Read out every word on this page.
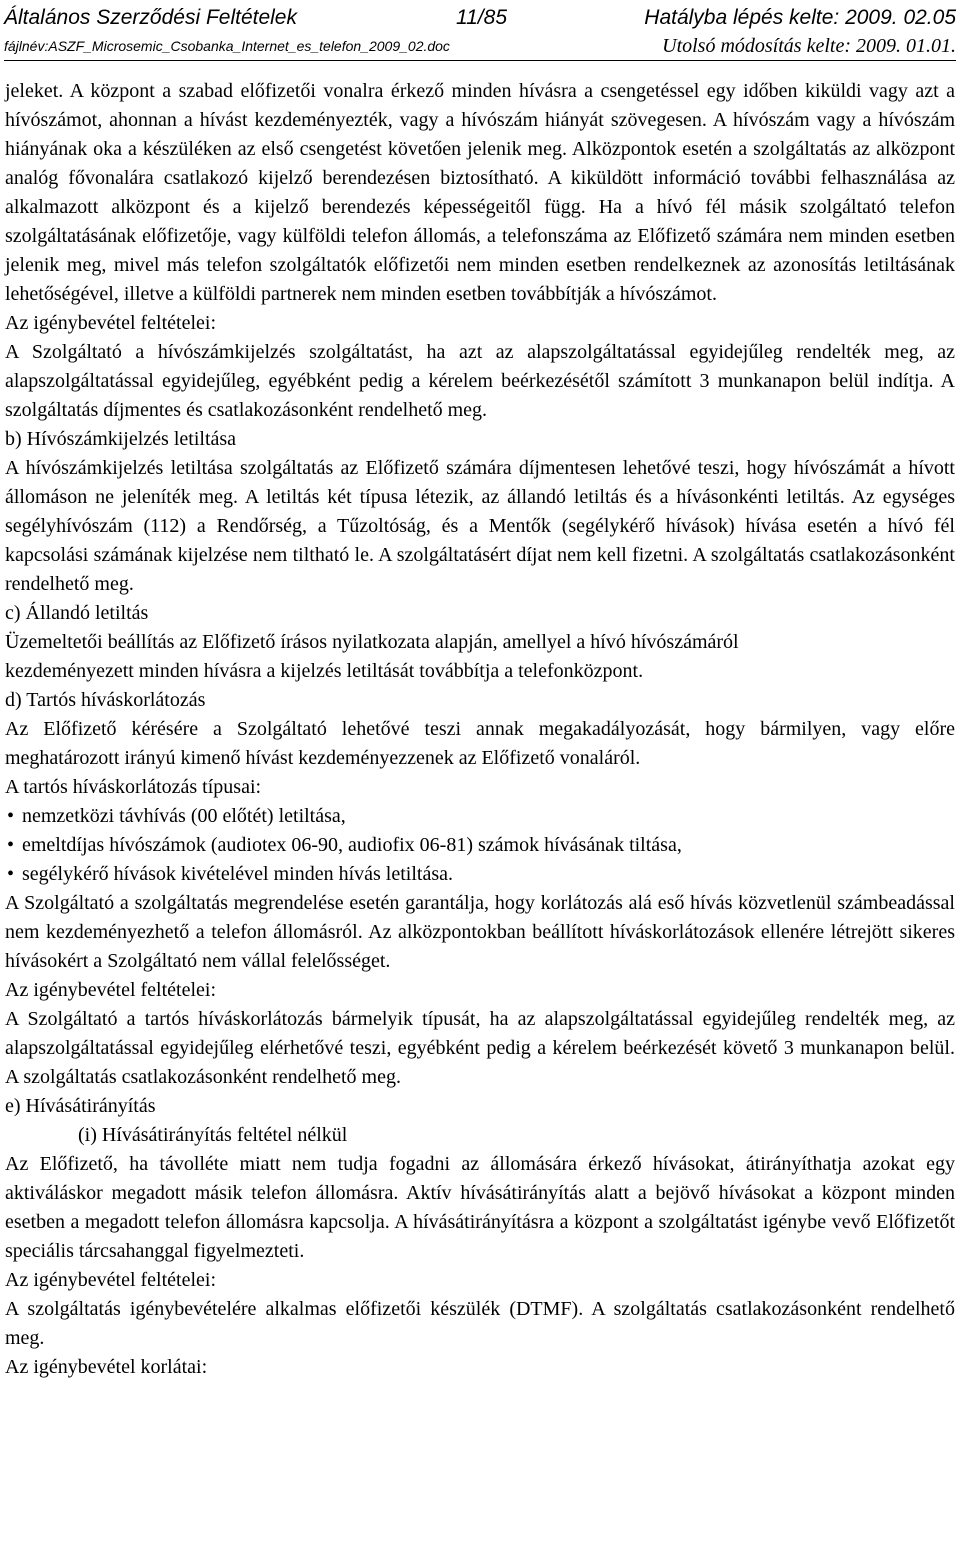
Általános Szerződési Feltételek	11/85	Hatályba lépés kelte: 2009. 02.05
fájlnév:ASZF_Microsemic_Csobanka_Internet_es_telefon_2009_02.doc	Utolsó módosítás kelte: 2009. 01.01.

jeleket. A központ a szabad előfizetői vonalra érkező minden hívásra a csengetéssel egy időben kiküldi vagy azt a hívószámot, ahonnan a hívást kezdeményezték, vagy a hívószám hiányát szövegesen. A hívószám vagy a hívószám hiányának oka a készüléken az első csengetést követően jelenik meg. Alközpontok esetén a szolgáltatás az alközpont analóg fővonalára csatlakozó kijelző berendezésen biztosítható. A kiküldött információ további felhasználása az alkalmazott alközpont és a kijelző berendezés képességeitől függ. Ha a hívó fél másik szolgáltató telefon szolgáltatásának előfizetője, vagy külföldi telefon állomás, a telefonszáma az Előfizető számára nem minden esetben jelenik meg, mivel más telefon szolgáltatók előfizetői nem minden esetben rendelkeznek az azonosítás letiltásának lehetőségével, illetve a külföldi partnerek nem minden esetben továbbítják a hívószámot.

Az igénybevétel feltételei:

A Szolgáltató a hívószámkijelzés szolgáltatást, ha azt az alapszolgáltatással egyidejűleg rendelték meg, az alapszolgáltatással egyidejűleg, egyébként pedig a kérelem beérkezésétől számított 3 munkanapon belül indítja. A szolgáltatás díjmentes és csatlakozásonként rendelhető meg.

b) Hívószámkijelzés letiltása

A hívószámkijelzés letiltása szolgáltatás az Előfizető számára díjmentesen lehetővé teszi, hogy hívószámát a hívott állomáson ne jeleníték meg. A letiltás két típusa létezik, az állandó letiltás és a hívásonkénti letiltás. Az egységes segélyhívószám (112) a Rendőrség, a Tűzoltóság, és a Mentők (segélykérő hívások) hívása esetén a hívó fél kapcsolási számának kijelzése nem tiltható le. A szolgáltatásért díjat nem kell fizetni. A szolgáltatás csatlakozásonként rendelhető meg.

c) Állandó letiltás

Üzemeltetői beállítás az Előfizető írásos nyilatkozata alapján, amellyel a hívó hívószámáról

kezdeményezett minden hívásra a kijelzés letiltását továbbítja a telefonközpont.

d) Tartós híváskorlátozás

Az Előfizető kérésére a Szolgáltató lehetővé teszi annak megakadályozását, hogy bármilyen, vagy előre meghatározott irányú kimenő hívást kezdeményezzenek az Előfizető vonaláról.

A tartós híváskorlátozás típusai:

• nemzetközi távhívás (00 előtét) letiltása,
• emeltdíjas hívószámok (audiotex 06-90, audiofix 06-81) számok hívásának tiltása,
• segélykérő hívások kivételével minden hívás letiltása.

A Szolgáltató a szolgáltatás megrendelése esetén garantálja, hogy korlátozás alá eső hívás közvetlenül számbeadással nem kezdeményezhető a telefon állomásról. Az alközpontokban beállított híváskorlátozások ellenére létrejött sikeres hívásokért a Szolgáltató nem vállal felelősséget.

Az igénybevétel feltételei:

A Szolgáltató a tartós híváskorlátozás bármelyik típusát, ha az alapszolgáltatással egyidejűleg rendelték meg, az alapszolgáltatással egyidejűleg elérhetővé teszi, egyébként pedig a kérelem beérkezését követő 3 munkanapon belül. A szolgáltatás csatlakozásonként rendelhető meg.

e) Hívásátirányítás

(i) Hívásátirányítás feltétel nélkül

Az Előfizető, ha távolléte miatt nem tudja fogadni az állomására érkező hívásokat, átirányíthatja azokat egy aktiváláskor megadott másik telefon állomásra. Aktív hívásátirányítás alatt a bejövő hívásokat a központ minden esetben a megadott telefon állomásra kapcsolja. A hívásátirányításra a központ a szolgáltatást igénybe vevő Előfizetőt speciális tárcsahanggal figyelmezteti.

Az igénybevétel feltételei:

A szolgáltatás igénybevételére alkalmas előfizetői készülék (DTMF). A szolgáltatás csatlakozásonként rendelhető meg.

Az igénybevétel korlátai:
